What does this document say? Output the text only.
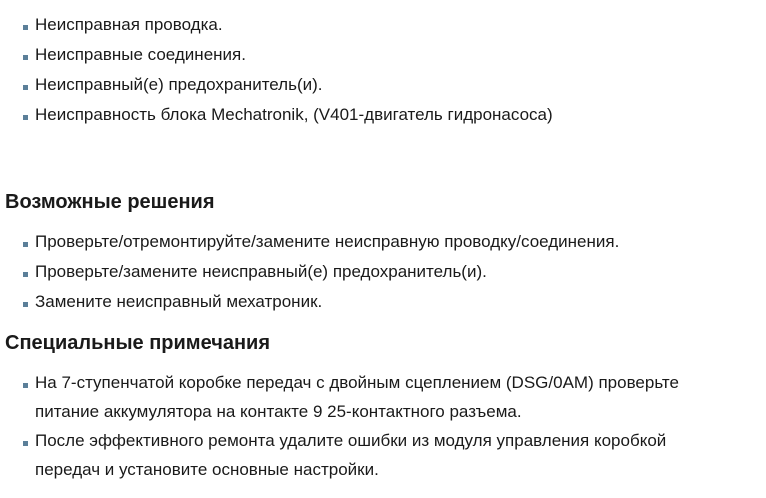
Неисправная проводка.
Неисправные соединения.
Неисправный(е) предохранитель(и).
Неисправность блока Mechatronik, (V401-двигатель гидронасоса)
Возможные решения
Проверьте/отремонтируйте/замените неисправную проводку/соединения.
Проверьте/замените неисправный(е) предохранитель(и).
Замените неисправный мехатроник.
Специальные примечания
На 7-ступенчатой коробке передач с двойным сцеплением (DSG/0AM) проверьте питание аккумулятора на контакте 9 25-контактного разъема.
После эффективного ремонта удалите ошибки из модуля управления коробкой передач и установите основные настройки.
